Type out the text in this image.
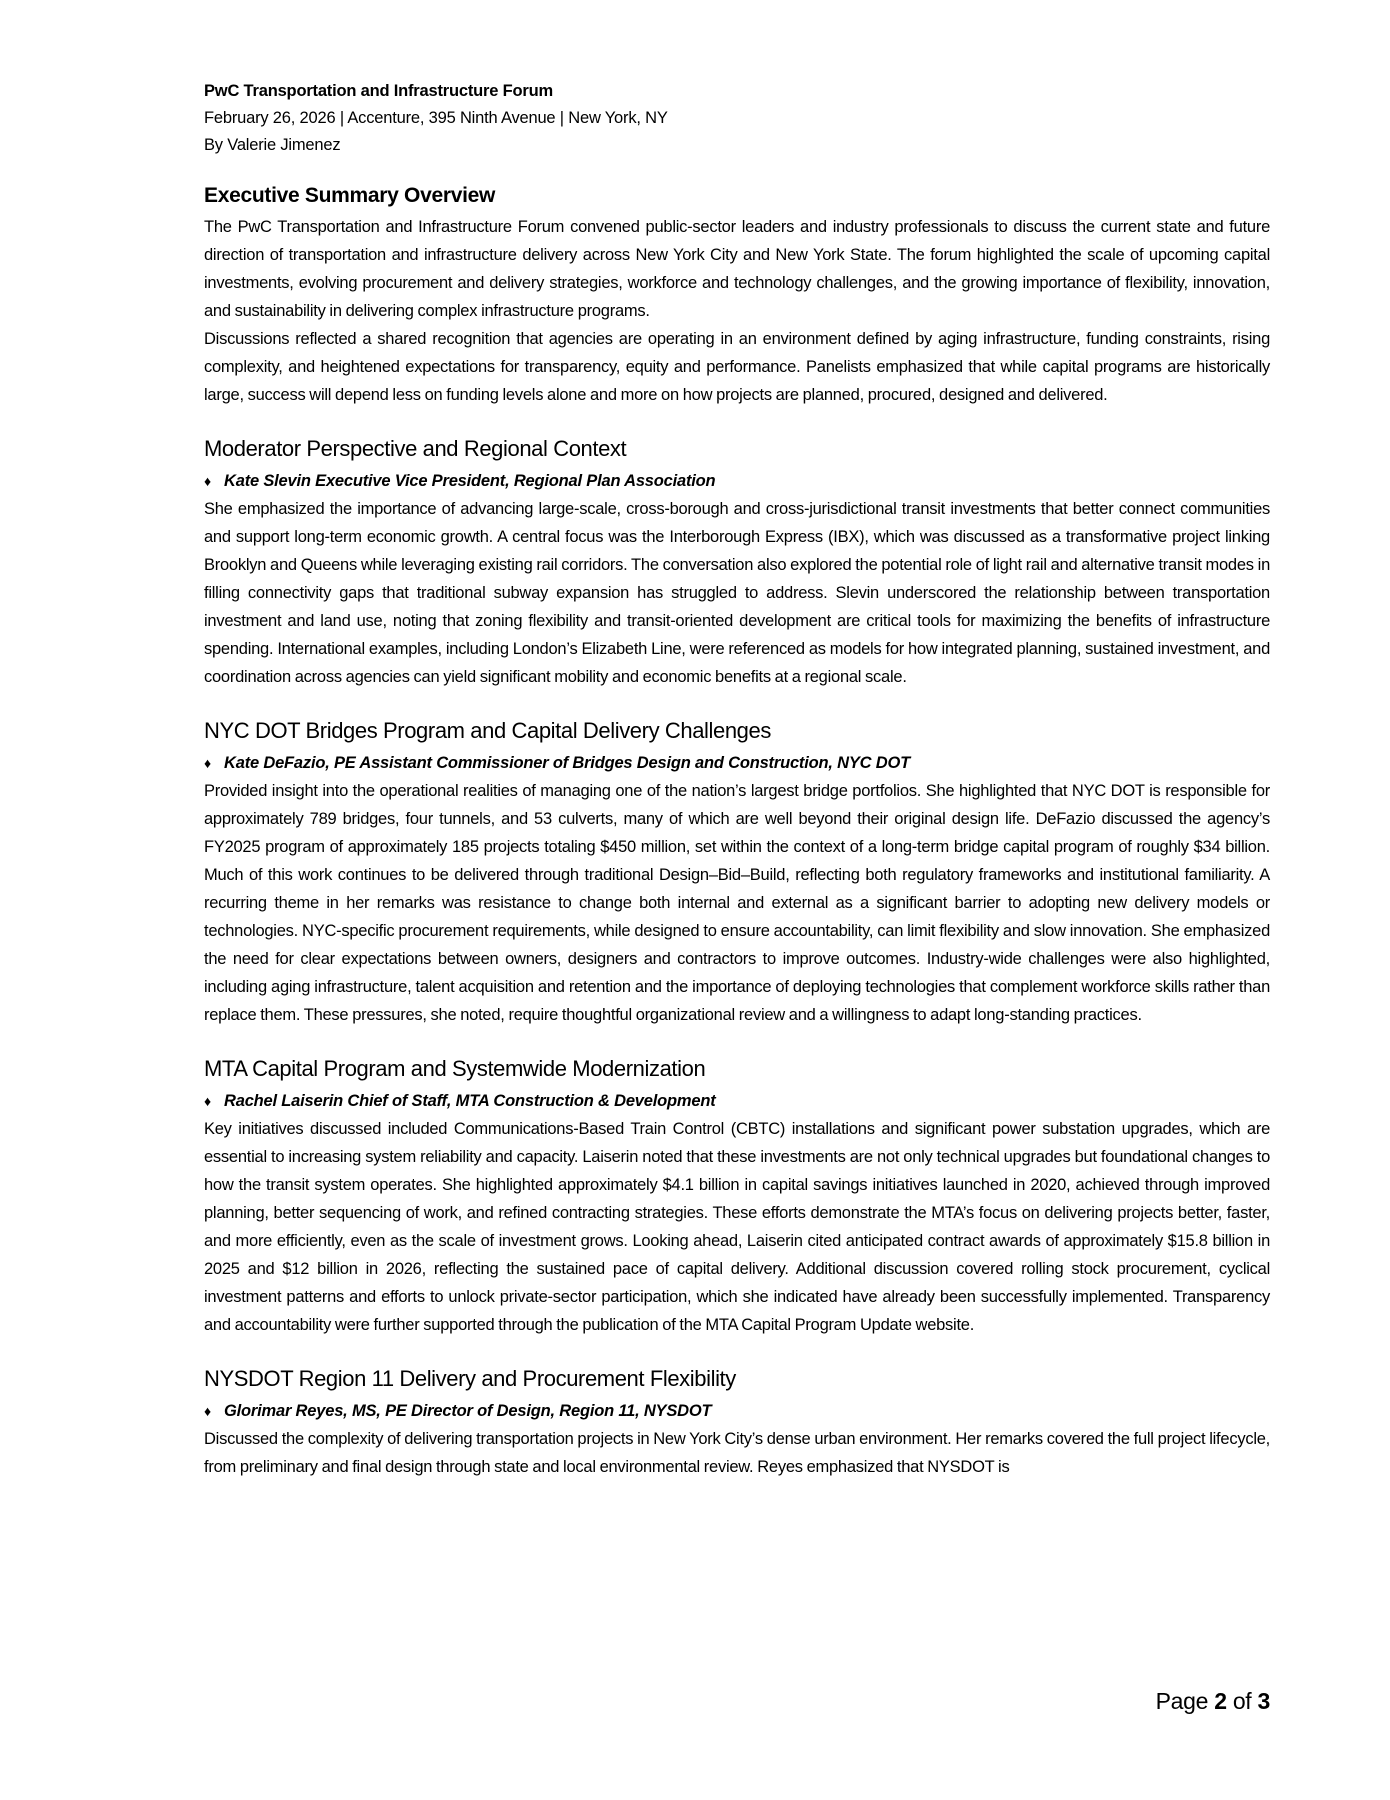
PwC Transportation and Infrastructure Forum

February 26, 2026 | Accenture, 395 Ninth Avenue | New York, NY

By Valerie Jimenez

Executive Summary Overview

The PwC Transportation and Infrastructure Forum convened public-sector leaders and industry professionals to discuss the current state and future direction of transportation and infrastructure delivery across New York City and New York State. The forum highlighted the scale of upcoming capital investments, evolving procurement and delivery strategies, workforce and technology challenges, and the growing importance of flexibility, innovation, and sustainability in delivering complex infrastructure programs.

Discussions reflected a shared recognition that agencies are operating in an environment defined by aging infrastructure, funding constraints, rising complexity, and heightened expectations for transparency, equity and performance. Panelists emphasized that while capital programs are historically large, success will depend less on funding levels alone and more on how projects are planned, procured, designed and delivered.

Moderator Perspective and Regional Context

♦ Kate Slevin Executive Vice President, Regional Plan Association

She emphasized the importance of advancing large-scale, cross-borough and cross-jurisdictional transit investments that better connect communities and support long-term economic growth. A central focus was the Interborough Express (IBX), which was discussed as a transformative project linking Brooklyn and Queens while leveraging existing rail corridors. The conversation also explored the potential role of light rail and alternative transit modes in filling connectivity gaps that traditional subway expansion has struggled to address. Slevin underscored the relationship between transportation investment and land use, noting that zoning flexibility and transit-oriented development are critical tools for maximizing the benefits of infrastructure spending. International examples, including London’s Elizabeth Line, were referenced as models for how integrated planning, sustained investment, and coordination across agencies can yield significant mobility and economic benefits at a regional scale.

NYC DOT Bridges Program and Capital Delivery Challenges

♦ Kate DeFazio, PE Assistant Commissioner of Bridges Design and Construction, NYC DOT

Provided insight into the operational realities of managing one of the nation’s largest bridge portfolios. She highlighted that NYC DOT is responsible for approximately 789 bridges, four tunnels, and 53 culverts, many of which are well beyond their original design life. DeFazio discussed the agency’s FY2025 program of approximately 185 projects totaling $450 million, set within the context of a long-term bridge capital program of roughly $34 billion. Much of this work continues to be delivered through traditional Design–Bid–Build, reflecting both regulatory frameworks and institutional familiarity. A recurring theme in her remarks was resistance to change both internal and external as a significant barrier to adopting new delivery models or technologies. NYC-specific procurement requirements, while designed to ensure accountability, can limit flexibility and slow innovation. She emphasized the need for clear expectations between owners, designers and contractors to improve outcomes. Industry-wide challenges were also highlighted, including aging infrastructure, talent acquisition and retention and the importance of deploying technologies that complement workforce skills rather than replace them. These pressures, she noted, require thoughtful organizational review and a willingness to adapt long-standing practices.

MTA Capital Program and Systemwide Modernization

♦ Rachel Laiserin Chief of Staff, MTA Construction & Development

Key initiatives discussed included Communications-Based Train Control (CBTC) installations and significant power substation upgrades, which are essential to increasing system reliability and capacity. Laiserin noted that these investments are not only technical upgrades but foundational changes to how the transit system operates. She highlighted approximately $4.1 billion in capital savings initiatives launched in 2020, achieved through improved planning, better sequencing of work, and refined contracting strategies. These efforts demonstrate the MTA’s focus on delivering projects better, faster, and more efficiently, even as the scale of investment grows. Looking ahead, Laiserin cited anticipated contract awards of approximately $15.8 billion in 2025 and $12 billion in 2026, reflecting the sustained pace of capital delivery. Additional discussion covered rolling stock procurement, cyclical investment patterns and efforts to unlock private-sector participation, which she indicated have already been successfully implemented. Transparency and accountability were further supported through the publication of the MTA Capital Program Update website.

NYSDOT Region 11 Delivery and Procurement Flexibility

♦ Glorimar Reyes, MS, PE Director of Design, Region 11, NYSDOT

Discussed the complexity of delivering transportation projects in New York City’s dense urban environment. Her remarks covered the full project lifecycle, from preliminary and final design through state and local environmental review. Reyes emphasized that NYSDOT is

Page 2 of 3
